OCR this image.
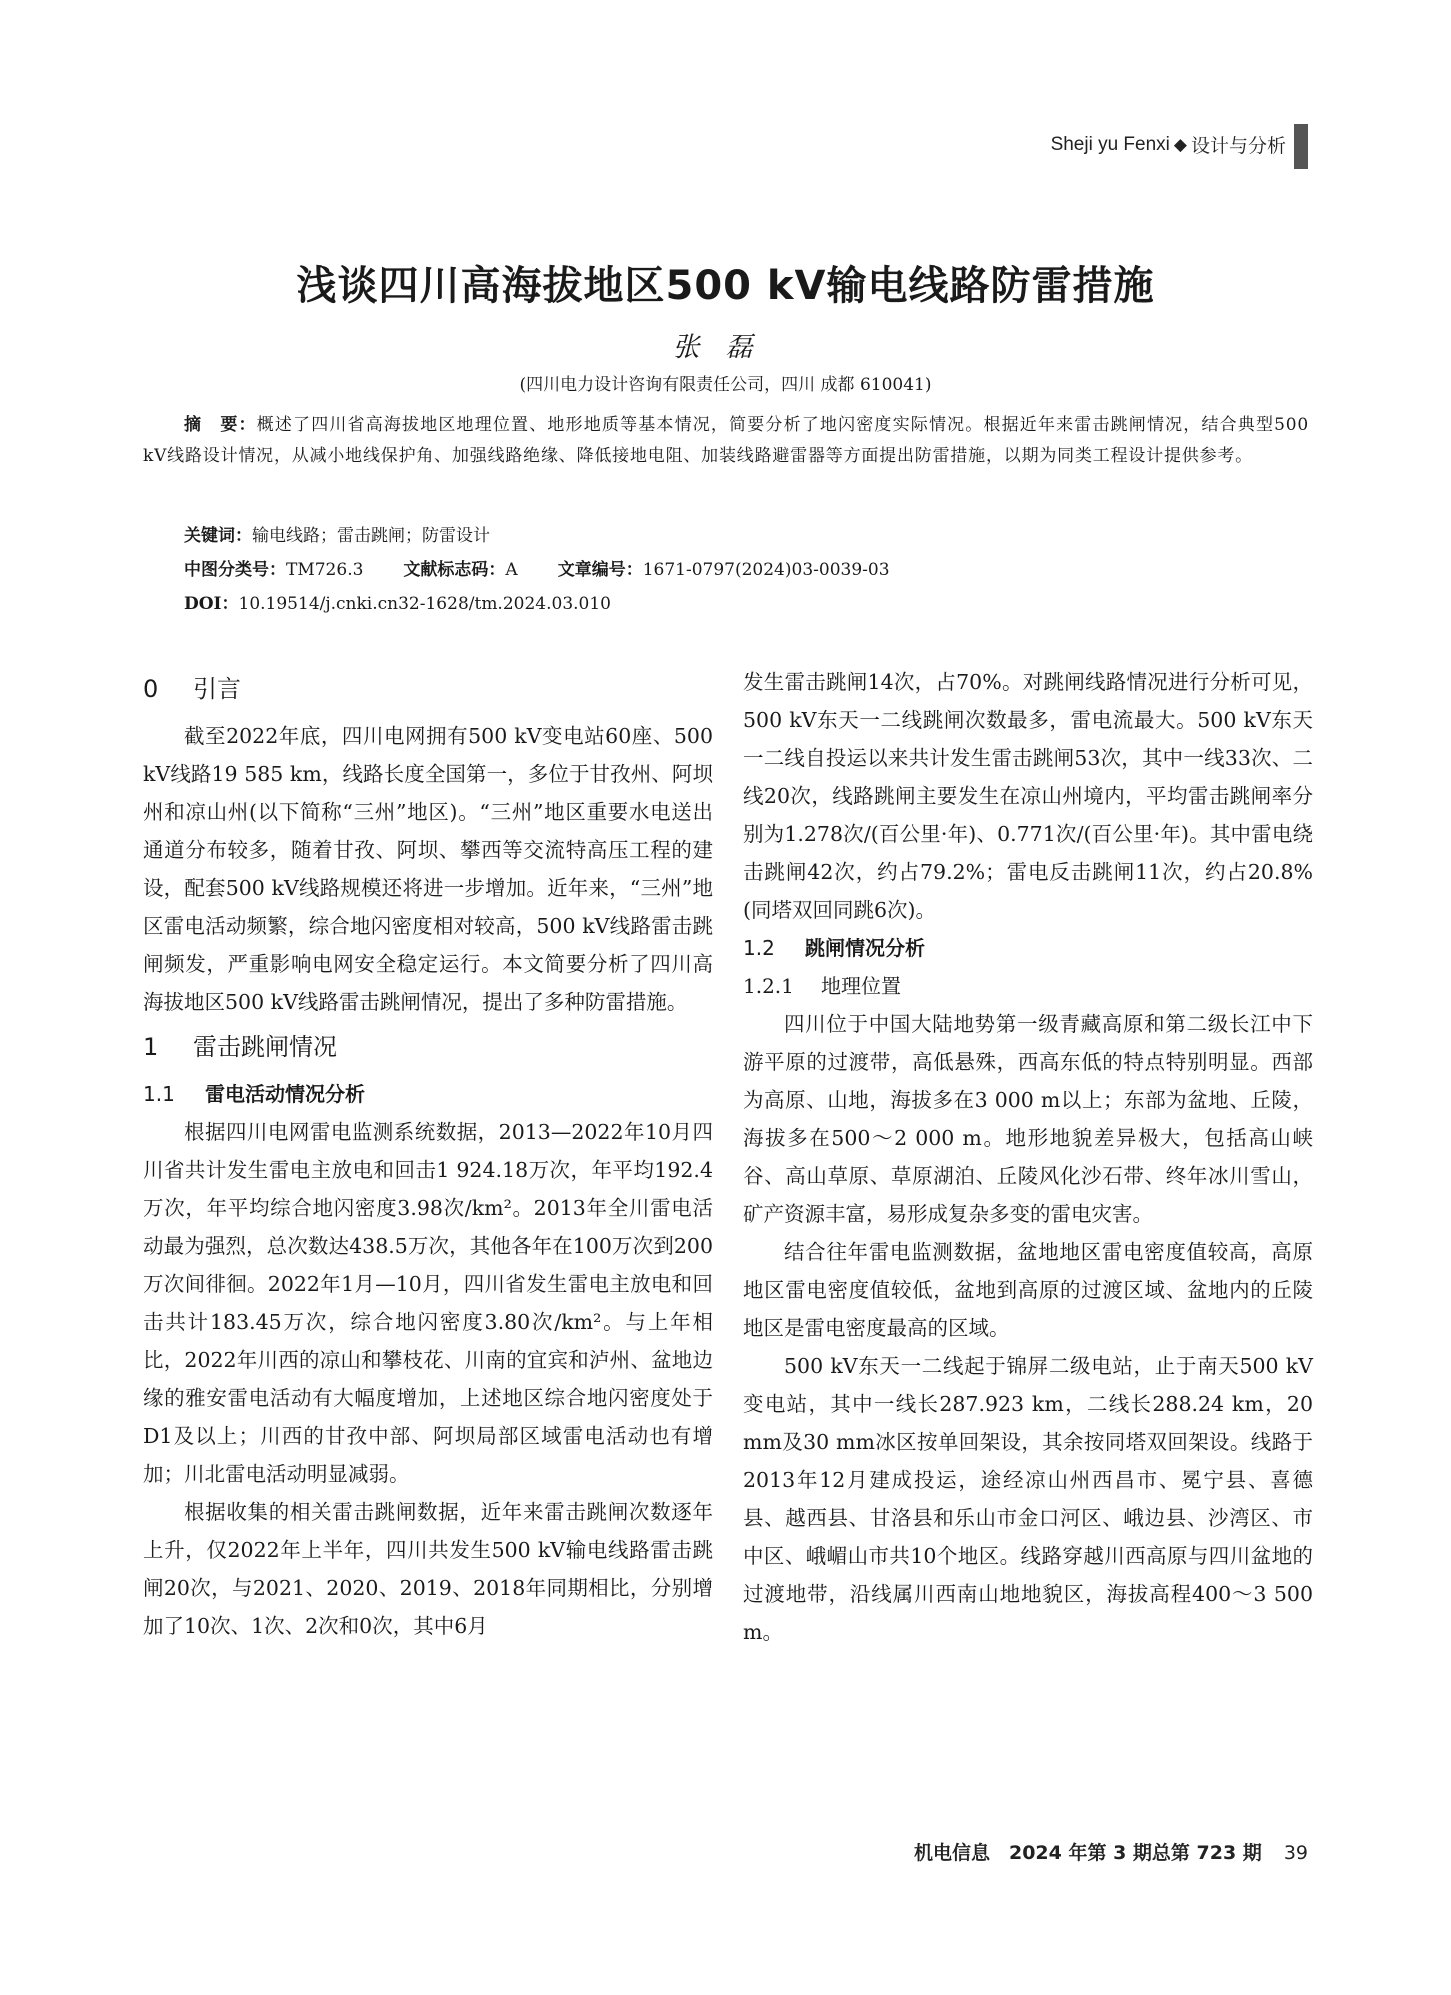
Sheji yu Fenxi ◆ 设计与分析
浅谈四川高海拔地区500 kV输电线路防雷措施
张磊
(四川电力设计咨询有限责任公司，四川 成都 610041)
摘　要：概述了四川省高海拔地区地理位置、地形地质等基本情况，简要分析了地闪密度实际情况。根据近年来雷击跳闸情况，结合典型500 kV线路设计情况，从减小地线保护角、加强线路绝缘、降低接地电阻、加装线路避雷器等方面提出防雷措施，以期为同类工程设计提供参考。
关键词：输电线路；雷击跳闸；防雷设计
中图分类号：TM726.3 文献标志码：A 文章编号：1671-0797(2024)03-0039-03
DOI：10.19514/j.cnki.cn32-1628/tm.2024.03.010
0 引言

截至2022年底，四川电网拥有500 kV变电站60座、500 kV线路19 585 km，线路长度全国第一，多位于甘孜州、阿坝州和凉山州(以下简称“三州”地区)。“三州”地区重要水电送出通道分布较多，随着甘孜、阿坝、攀西等交流特高压工程的建设，配套500 kV线路规模还将进一步增加。近年来，“三州”地区雷电活动频繁，综合地闪密度相对较高，500 kV线路雷击跳闸频发，严重影响电网安全稳定运行。本文简要分析了四川高海拔地区500 kV线路雷击跳闸情况，提出了多种防雷措施。

1 雷击跳闸情况
1.1 雷电活动情况分析

根据四川电网雷电监测系统数据，2013—2022年10月四川省共计发生雷电主放电和回击1 924.18万次，年平均192.4万次，年平均综合地闪密度3.98次/km²。2013年全川雷电活动最为强烈，总次数达438.5万次，其他各年在100万次到200万次间徘徊。2022年1月—10月，四川省发生雷电主放电和回击共计183.45万次，综合地闪密度3.80次/km²。与上年相比，2022年川西的凉山和攀枝花、川南的宜宾和泸州、盆地边缘的雅安雷电活动有大幅度增加，上述地区综合地闪密度处于D1及以上；川西的甘孜中部、阿坝局部区域雷电活动也有增加；川北雷电活动明显减弱。

根据收集的相关雷击跳闸数据，近年来雷击跳闸次数逐年上升，仅2022年上半年，四川共发生500 kV输电线路雷击跳闸20次，与2021、2020、2019、2018年同期相比，分别增加了10次、1次、2次和0次，其中6月

发生雷击跳闸14次，占70%。对跳闸线路情况进行分析可见，500 kV东天一二线跳闸次数最多，雷电流最大。500 kV东天一二线自投运以来共计发生雷击跳闸53次，其中一线33次、二线20次，线路跳闸主要发生在凉山州境内，平均雷击跳闸率分别为1.278次/(百公里·年)、0.771次/(百公里·年)。其中雷电绕击跳闸42次，约占79.2%；雷电反击跳闸11次，约占20.8%(同塔双回同跳6次)。

1.2 跳闸情况分析
1.2.1 地理位置

四川位于中国大陆地势第一级青藏高原和第二级长江中下游平原的过渡带，高低悬殊，西高东低的特点特别明显。西部为高原、山地，海拔多在3 000 m以上；东部为盆地、丘陵，海拔多在500～2 000 m。地形地貌差异极大，包括高山峡谷、高山草原、草原湖泊、丘陵风化沙石带、终年冰川雪山，矿产资源丰富，易形成复杂多变的雷电灾害。

结合往年雷电监测数据，盆地地区雷电密度值较高，高原地区雷电密度值较低，盆地到高原的过渡区域、盆地内的丘陵地区是雷电密度最高的区域。

500 kV东天一二线起于锦屏二级电站，止于南天500 kV变电站，其中一线长287.923 km，二线长288.24 km，20 mm及30 mm冰区按单回架设，其余按同塔双回架设。线路于2013年12月建成投运，途经凉山州西昌市、冕宁县、喜德县、越西县、甘洛县和乐山市金口河区、峨边县、沙湾区、市中区、峨嵋山市共10个地区。线路穿越川西高原与四川盆地的过渡地带，沿线属川西南山地地貌区，海拔高程400～3 500 m。

机电信息　2024 年第 3 期总第 723 期 39
